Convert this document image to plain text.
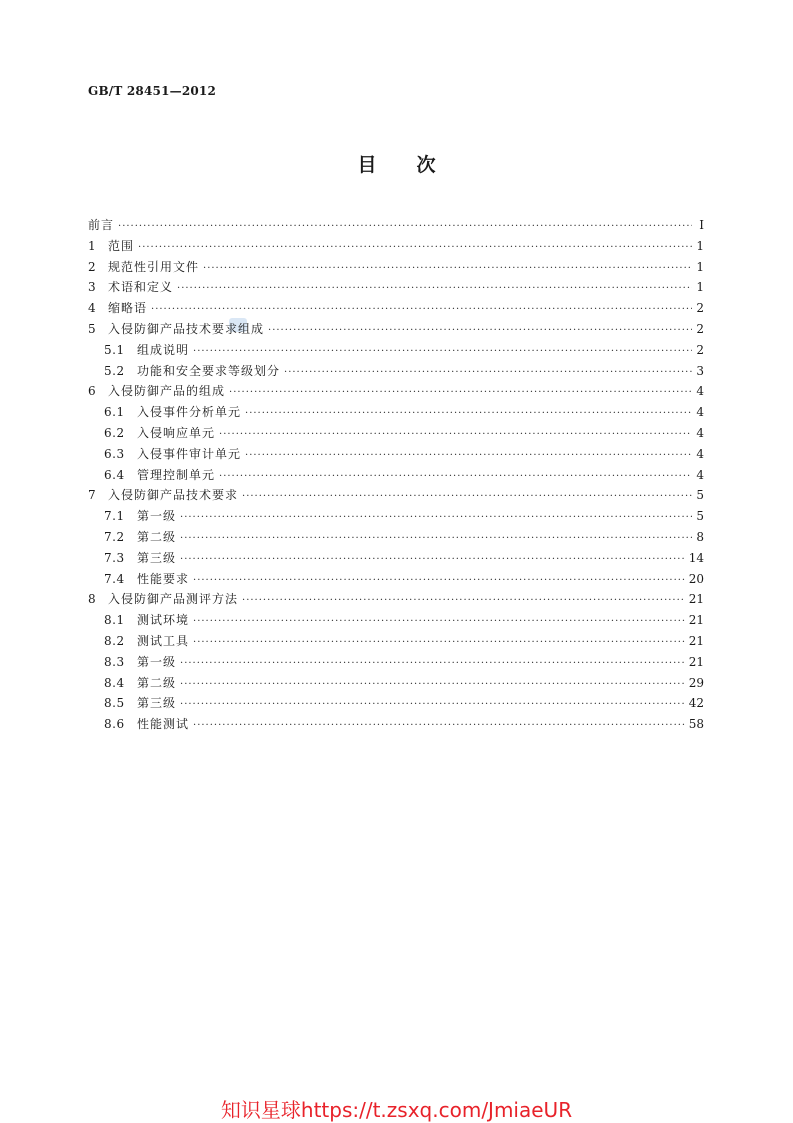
GB/T 28451—2012
目次
前言 ·····	I
1 范围 ·····	1
2 规范性引用文件 ·····	1
3 术语和定义 ·····	1
4 缩略语 ·····	2
5 入侵防御产品技术要求组成 ·····	2
5.1	组成说明 ·····	2
5.2	功能和安全要求等级划分 ·····	3
6 入侵防御产品的组成 ·····	4
6.1	入侵事件分析单元 ·····	4
6.2	入侵响应单元 ·····	4
6.3	入侵事件审计单元 ·····	4
6.4	管理控制单元 ·····	4
7 入侵防御产品技术要求 ·····	5
7.1	第一级 ·····	5
7.2	第二级 ·····	8
7.3	第三级 ·····	14
7.4	性能要求 ·····	20
8 入侵防御产品测评方法 ·····	21
8.1	测试环境 ·····	21
8.2	测试工具 ·····	21
8.3	第一级 ·····	21
8.4	第二级 ·····	29
8.5	第三级 ·····	42
8.6	性能测试 ·····	58
知识星球https://t.zsxq.com/JmiaeUR
